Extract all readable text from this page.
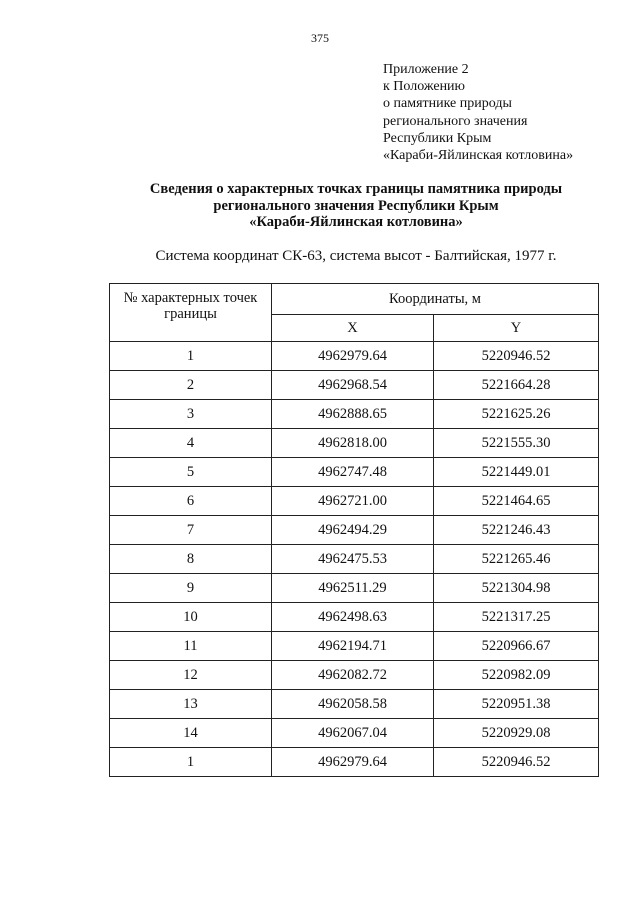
375
Приложение 2
к Положению
о памятнике природы
регионального значения
Республики Крым
«Караби-Яйлинская котловина»
Сведения о характерных точках границы памятника природы
регионального значения Республики Крым
«Караби-Яйлинская котловина»
Система координат СК-63, система высот - Балтийская, 1977 г.
№ характерных точек границы	Координаты, м	
	X	Y
1	4962979.64	5220946.52
2	4962968.54	5221664.28
3	4962888.65	5221625.26
4	4962818.00	5221555.30
5	4962747.48	5221449.01
6	4962721.00	5221464.65
7	4962494.29	5221246.43
8	4962475.53	5221265.46
9	4962511.29	5221304.98
10	4962498.63	5221317.25
11	4962194.71	5220966.67
12	4962082.72	5220982.09
13	4962058.58	5220951.38
14	4962067.04	5220929.08
1	4962979.64	5220946.52
